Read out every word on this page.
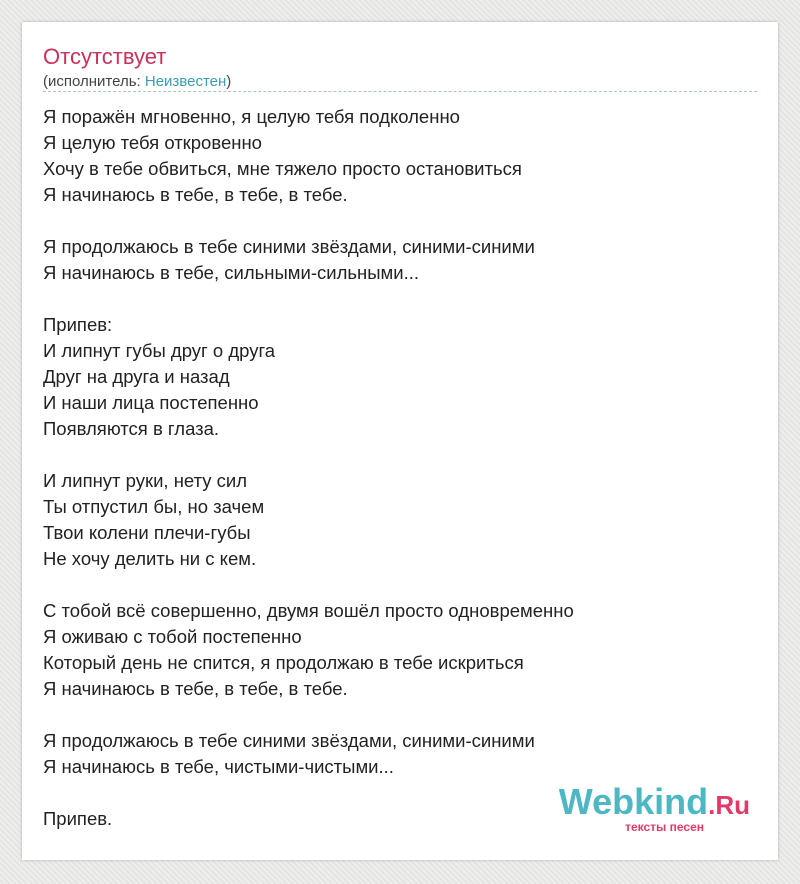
Отсутствует
(исполнитель: Неизвестен)
Я поражён мгновенно, я целую тебя подколенно
Я целую тебя откровенно
Хочу в тебе обвиться, мне тяжело просто остановиться
Я начинаюсь в тебе, в тебе, в тебе.
Я продолжаюсь в тебе синими звёздами, синими-синими
Я начинаюсь в тебе, сильными-сильными...
Припев:
И липнут губы друг о друга
Друг на друга и назад
И наши лица постепенно
Появляются в глаза.
И липнут руки, нету сил
Ты отпустил бы, но зачем
Твои колени плечи-губы
Не хочу делить ни с кем.
С тобой всё совершенно, двумя вошёл просто одновременно
Я оживаю с тобой постепенно
Который день не спится, я продолжаю в тебе искриться
Я начинаюсь в тебе, в тебе, в тебе.
Я продолжаюсь в тебе синими звёздами, синими-синими
Я начинаюсь в тебе, чистыми-чистыми...
Припев.	Webkind.Ru
тексты песен
